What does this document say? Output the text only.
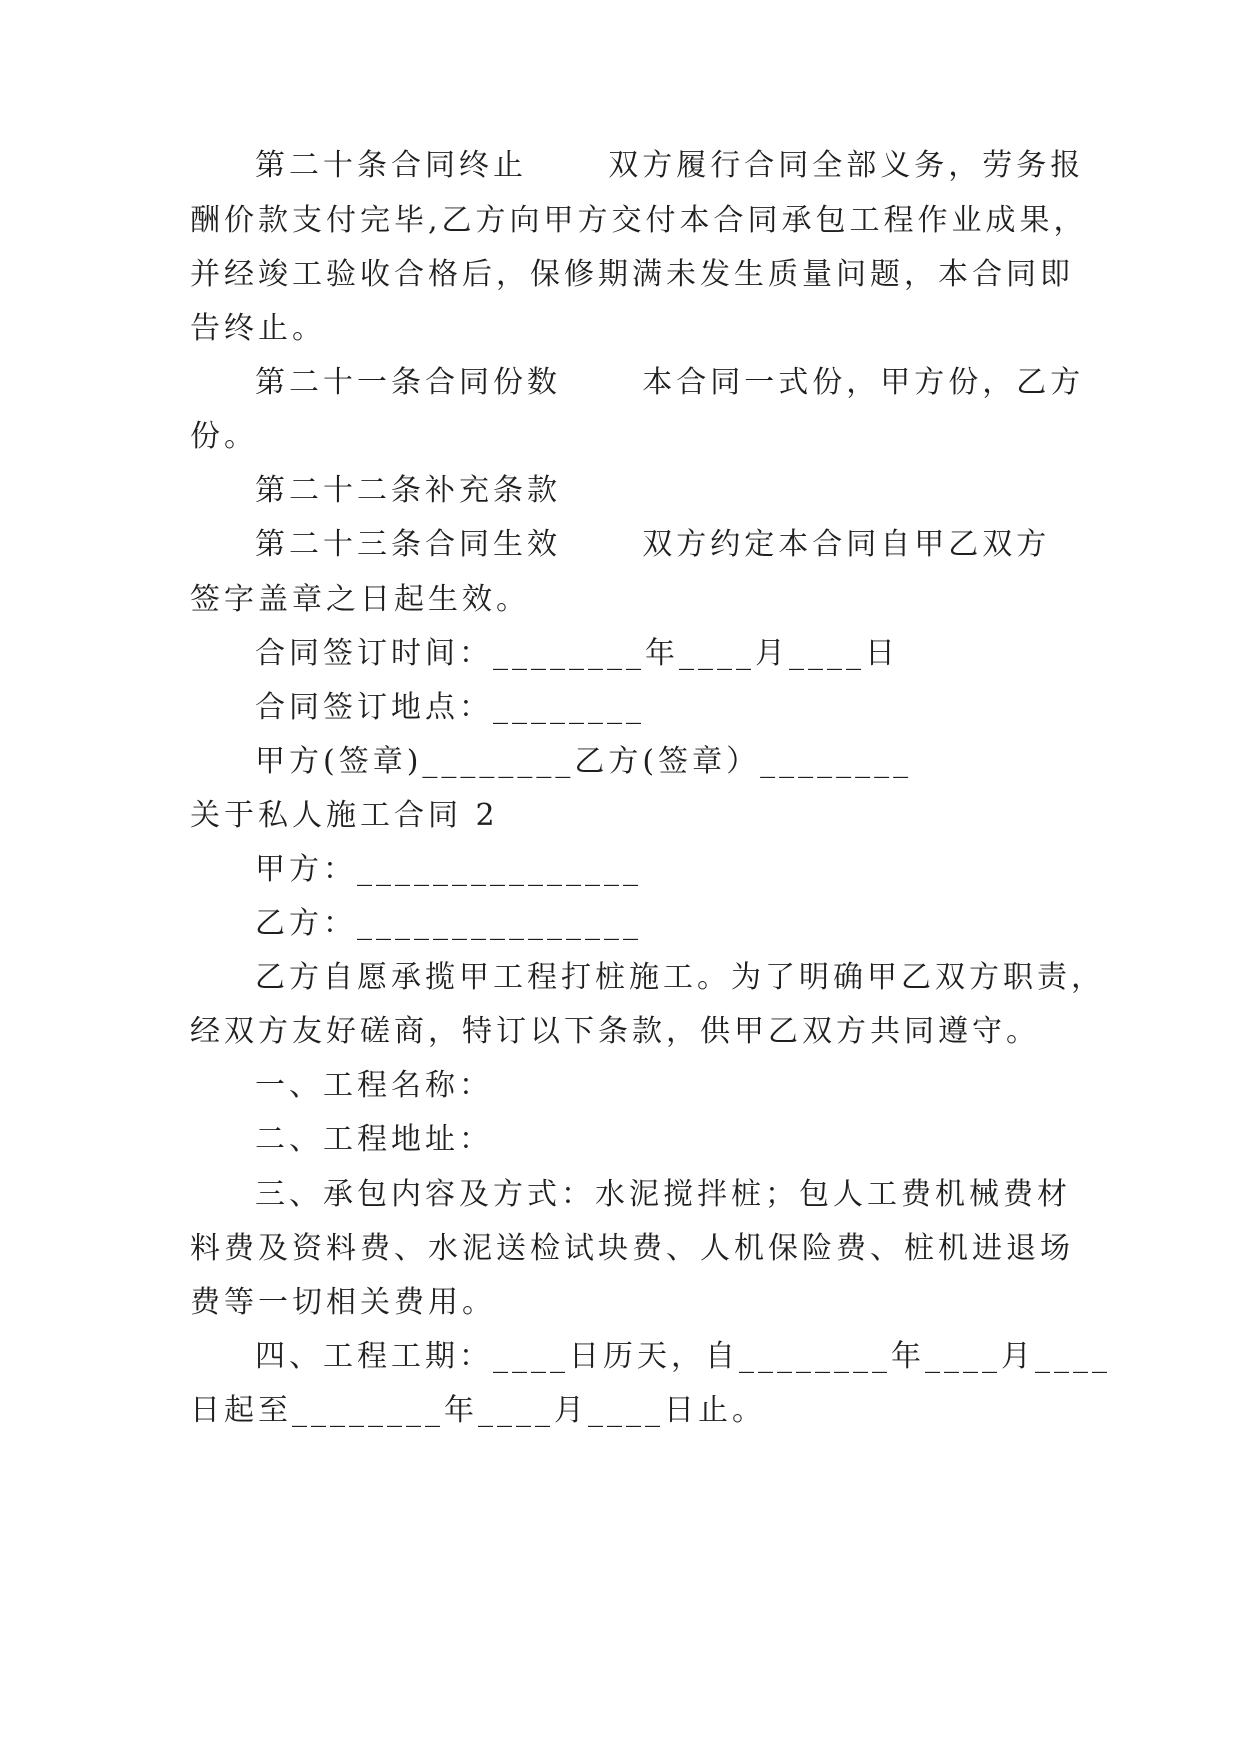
第二十条合同终止      双方履行合同全部义务，劳务报
酬价款支付完毕,乙方向甲方交付本合同承包工程作业成果，
并经竣工验收合格后，保修期满未发生质量问题，本合同即
告终止。
第二十一条合同份数      本合同一式份，甲方份，乙方
份。
第二十二条补充条款
第二十三条合同生效      双方约定本合同自甲乙双方
签字盖章之日起生效。
合同签订时间：________年____月____日
合同签订地点：________
甲方(签章)________乙方(签章）________
关于私人施工合同 2
甲方：_______________
乙方：_______________
乙方自愿承揽甲工程打桩施工。为了明确甲乙双方职责，
经双方友好磋商，特订以下条款，供甲乙双方共同遵守。
一、工程名称：
二、工程地址：
三、承包内容及方式：水泥搅拌桩；包人工费机械费材
料费及资料费、水泥送检试块费、人机保险费、桩机进退场
费等一切相关费用。
四、工程工期：____日历天，自________年____月____
日起至________年____月____日止。
